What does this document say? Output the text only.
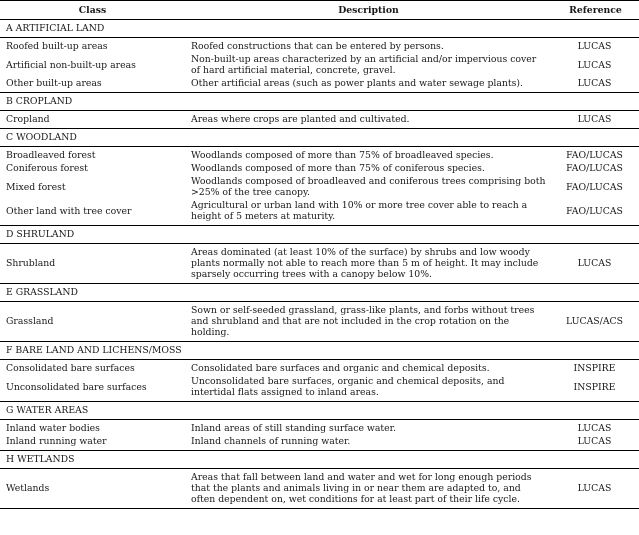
Class	Description	Reference
A ARTIFICIAL LAND		
Roofed built-up areas	Roofed constructions that can be entered by persons.	LUCAS
Artificial non-built-up areas	Non-built-up areas characterized by an artificial and/or impervious cover of hard artificial material, concrete, gravel.	LUCAS
Other built-up areas	Other artificial areas (such as power plants and water sewage plants).	LUCAS
B CROPLAND		
Cropland	Areas where crops are planted and cultivated.	LUCAS
C WOODLAND		
Broadleaved forest	Woodlands composed of more than 75% of broadleaved species.	FAO/LUCAS
Coniferous forest	Woodlands composed of more than 75% of coniferous species.	FAO/LUCAS
Mixed forest	Woodlands composed of broadleaved and coniferous trees comprising both >25% of the tree canopy.	FAO/LUCAS
Other land with tree cover	Agricultural or urban land with 10% or more tree cover able to reach a height of 5 meters at maturity.	FAO/LUCAS
D SHRULAND		
Shrubland	Areas dominated (at least 10% of the surface) by shrubs and low woody plants normally not able to reach more than 5 m of height. It may include sparsely occurring trees with a canopy below 10%.	LUCAS
E GRASSLAND		
Grassland	Sown or self-seeded grassland, grass-like plants, and forbs without trees and shrubland and that are not included in the crop rotation on the holding.	LUCAS/ACS
F BARE LAND AND LICHENS/MOSS		
Consolidated bare surfaces	Consolidated bare surfaces and organic and chemical deposits.	INSPIRE
Unconsolidated bare surfaces	Unconsolidated bare surfaces, organic and chemical deposits, and intertidal flats assigned to inland areas.	INSPIRE
G WATER AREAS		
Inland water bodies	Inland areas of still standing surface water.	LUCAS
Inland running water	Inland channels of running water.	LUCAS
H WETLANDS		
Wetlands	Areas that fall between land and water and wet for long enough periods that the plants and animals living in or near them are adapted to, and often dependent on, wet conditions for at least part of their life cycle.	LUCAS
